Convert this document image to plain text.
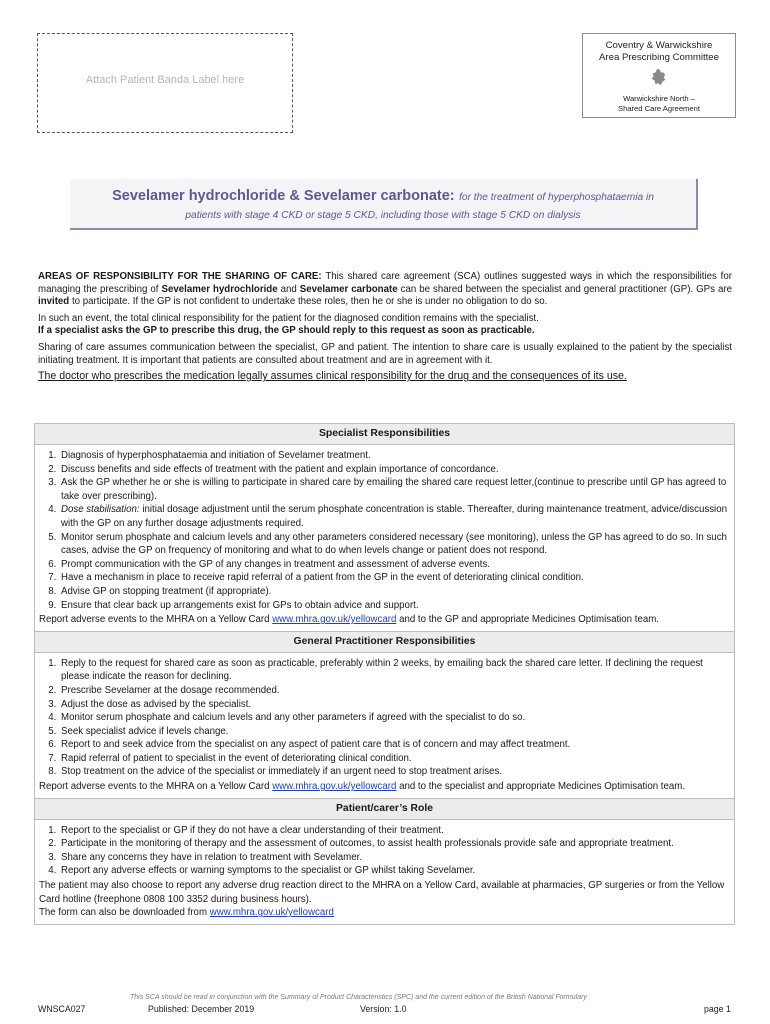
Attach Patient Banda Label here
Coventry & Warwickshire
Area Prescribing Committee
Warwickshire North –
Shared Care Agreement
Sevelamer hydrochloride & Sevelamer carbonate: for the treatment of hyperphosphataemia in
patients with stage 4 CKD or stage 5 CKD, including those with stage 5 CKD on dialysis

AREAS OF RESPONSIBILITY FOR THE SHARING OF CARE: This shared care agreement (SCA) outlines suggested ways in which the responsibilities for managing the prescribing of Sevelamer hydrochloride and Sevelamer carbonate can be shared between the specialist and general practitioner (GP). GPs are invited to participate. If the GP is not confident to undertake these roles, then he or she is under no obligation to do so.

In such an event, the total clinical responsibility for the patient for the diagnosed condition remains with the specialist.
If a specialist asks the GP to prescribe this drug, the GP should reply to this request as soon as practicable.

Sharing of care assumes communication between the specialist, GP and patient. The intention to share care is usually explained to the patient by the specialist initiating treatment. It is important that patients are consulted about treatment and are in agreement with it.

The doctor who prescribes the medication legally assumes clinical responsibility for the drug and the consequences of its use.

Specialist Responsibilities
1. Diagnosis of hyperphosphataemia and initiation of Sevelamer treatment.
2. Discuss benefits and side effects of treatment with the patient and explain importance of concordance.
3. Ask the GP whether he or she is willing to participate in shared care by emailing the shared care request letter,(continue to prescribe until GP has agreed to take over prescribing).
4. Dose stabilisation: initial dosage adjustment until the serum phosphate concentration is stable. Thereafter, during maintenance treatment, advice/discussion with the GP on any further dosage adjustments required.
5. Monitor serum phosphate and calcium levels and any other parameters considered necessary (see monitoring), unless the GP has agreed to do so. In such cases, advise the GP on frequency of monitoring and what to do when levels change or patient does not respond.
6. Prompt communication with the GP of any changes in treatment and assessment of adverse events.
7. Have a mechanism in place to receive rapid referral of a patient from the GP in the event of deteriorating clinical condition.
8. Advise GP on stopping treatment (if appropriate).
9. Ensure that clear back up arrangements exist for GPs to obtain advice and support.

Report adverse events to the MHRA on a Yellow Card www.mhra.gov.uk/yellowcard and to the GP and appropriate Medicines Optimisation team.

General Practitioner Responsibilities
1. Reply to the request for shared care as soon as practicable, preferably within 2 weeks, by emailing back the shared care letter. If declining the request please indicate the reason for declining.
2. Prescribe Sevelamer at the dosage recommended.
3. Adjust the dose as advised by the specialist.
4. Monitor serum phosphate and calcium levels and any other parameters if agreed with the specialist to do so.
5. Seek specialist advice if levels change.
6. Report to and seek advice from the specialist on any aspect of patient care that is of concern and may affect treatment.
7. Rapid referral of patient to specialist in the event of deteriorating clinical condition.
8. Stop treatment on the advice of the specialist or immediately if an urgent need to stop treatment arises.

Report adverse events to the MHRA on a Yellow Card www.mhra.gov.uk/yellowcard and to the specialist and appropriate Medicines Optimisation team.

Patient/carer’s Role
1. Report to the specialist or GP if they do not have a clear understanding of their treatment.
2. Participate in the monitoring of therapy and the assessment of outcomes, to assist health professionals provide safe and appropriate treatment.
3. Share any concerns they have in relation to treatment with Sevelamer.
4. Report any adverse effects or warning symptoms to the specialist or GP whilst taking Sevelamer.

The patient may also choose to report any adverse drug reaction direct to the MHRA on a Yellow Card, available at pharmacies, GP surgeries or from the Yellow Card hotline (freephone 0808 100 3352 during business hours).

The form can also be downloaded from www.mhra.gov.uk/yellowcard

This SCA should be read in conjunction with the Summary of Product Characteristics (SPC) and the current edition of the British National Formulary
WNSCA027	Published: December 2019	Version: 1.0	page 1
